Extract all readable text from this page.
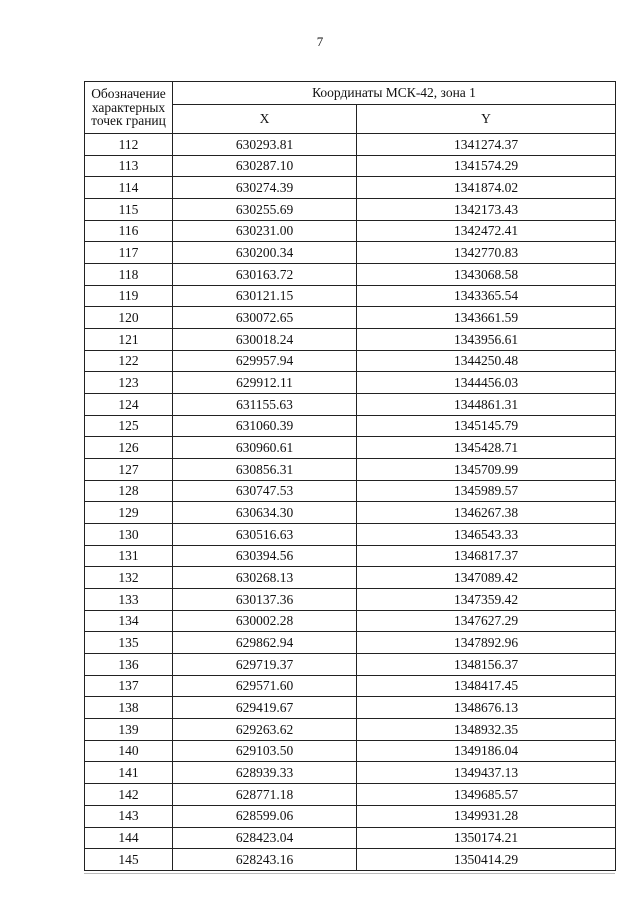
7
Обозначение характерных точек границ	Координаты МСК-42, зона 1	
	X	Y
112	630293.81	1341274.37
113	630287.10	1341574.29
114	630274.39	1341874.02
115	630255.69	1342173.43
116	630231.00	1342472.41
117	630200.34	1342770.83
118	630163.72	1343068.58
119	630121.15	1343365.54
120	630072.65	1343661.59
121	630018.24	1343956.61
122	629957.94	1344250.48
123	629912.11	1344456.03
124	631155.63	1344861.31
125	631060.39	1345145.79
126	630960.61	1345428.71
127	630856.31	1345709.99
128	630747.53	1345989.57
129	630634.30	1346267.38
130	630516.63	1346543.33
131	630394.56	1346817.37
132	630268.13	1347089.42
133	630137.36	1347359.42
134	630002.28	1347627.29
135	629862.94	1347892.96
136	629719.37	1348156.37
137	629571.60	1348417.45
138	629419.67	1348676.13
139	629263.62	1348932.35
140	629103.50	1349186.04
141	628939.33	1349437.13
142	628771.18	1349685.57
143	628599.06	1349931.28
144	628423.04	1350174.21
145	628243.16	1350414.29
